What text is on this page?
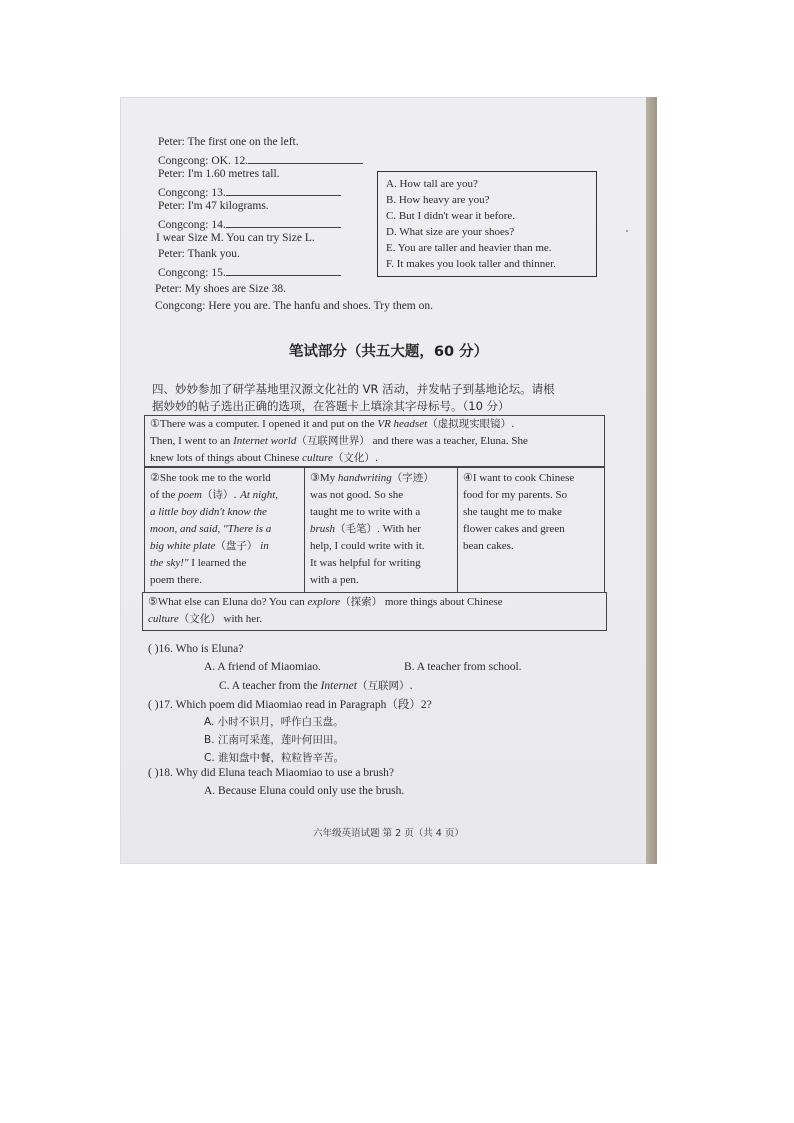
Peter: The first one on the left.
Congcong: OK. 12.
Peter: I'm 1.60 metres tall.
Congcong: 13.
Peter: I'm 47 kilograms.
Congcong: 14.
I wear Size M. You can try Size L.
Peter: Thank you.
Congcong: 15.
Peter: My shoes are Size 38.
Congcong: Here you are. The hanfu and shoes. Try them on.
A. How tall are you?
B. How heavy are you?
C. But I didn't wear it before.
D. What size are your shoes?
E. You are taller and heavier than me.
F. It makes you look taller and thinner.
笔试部分（共五大题，60 分）
四、妙妙参加了研学基地里汉源文化社的 VR 活动，并发帖子到基地论坛。请根
据妙妙的帖子选出正确的选项，在答题卡上填涂其字母标号。（10 分）
①There was a computer. I opened it and put on the VR headset（虚拟现实眼镜）.
Then, I went to an Internet world（互联网世界） and there was a teacher, Eluna. She
knew lots of things about Chinese culture（文化）.
②She took me to the world
of the poem（诗）. At night,
a little boy didn't know the
moon, and said, "There is a
big white plate（盘子） in
the sky!" I learned the
poem there.
③My handwriting（字迹）
was not good. So she
taught me to write with a
brush（毛笔）. With her
help, I could write with it.
It was helpful for writing
with a pen.
④I want to cook Chinese
food for my parents. So
she taught me to make
flower cakes and green
bean cakes.
⑤What else can Eluna do? You can explore（探索） more things about Chinese
culture（文化） with her.
( )16. Who is Eluna?
A. A friend of Miaomiao.	B. A teacher from school.
C. A teacher from the Internet（互联网）.
( )17. Which poem did Miaomiao read in Paragraph（段）2?
A. 小时不识月，呼作白玉盘。
B. 江南可采莲，莲叶何田田。
C. 谁知盘中餐，粒粒皆辛苦。
( )18. Why did Eluna teach Miaomiao to use a brush?
A. Because Eluna could only use the brush.
六年级英语试题 第 2 页（共 4 页）
